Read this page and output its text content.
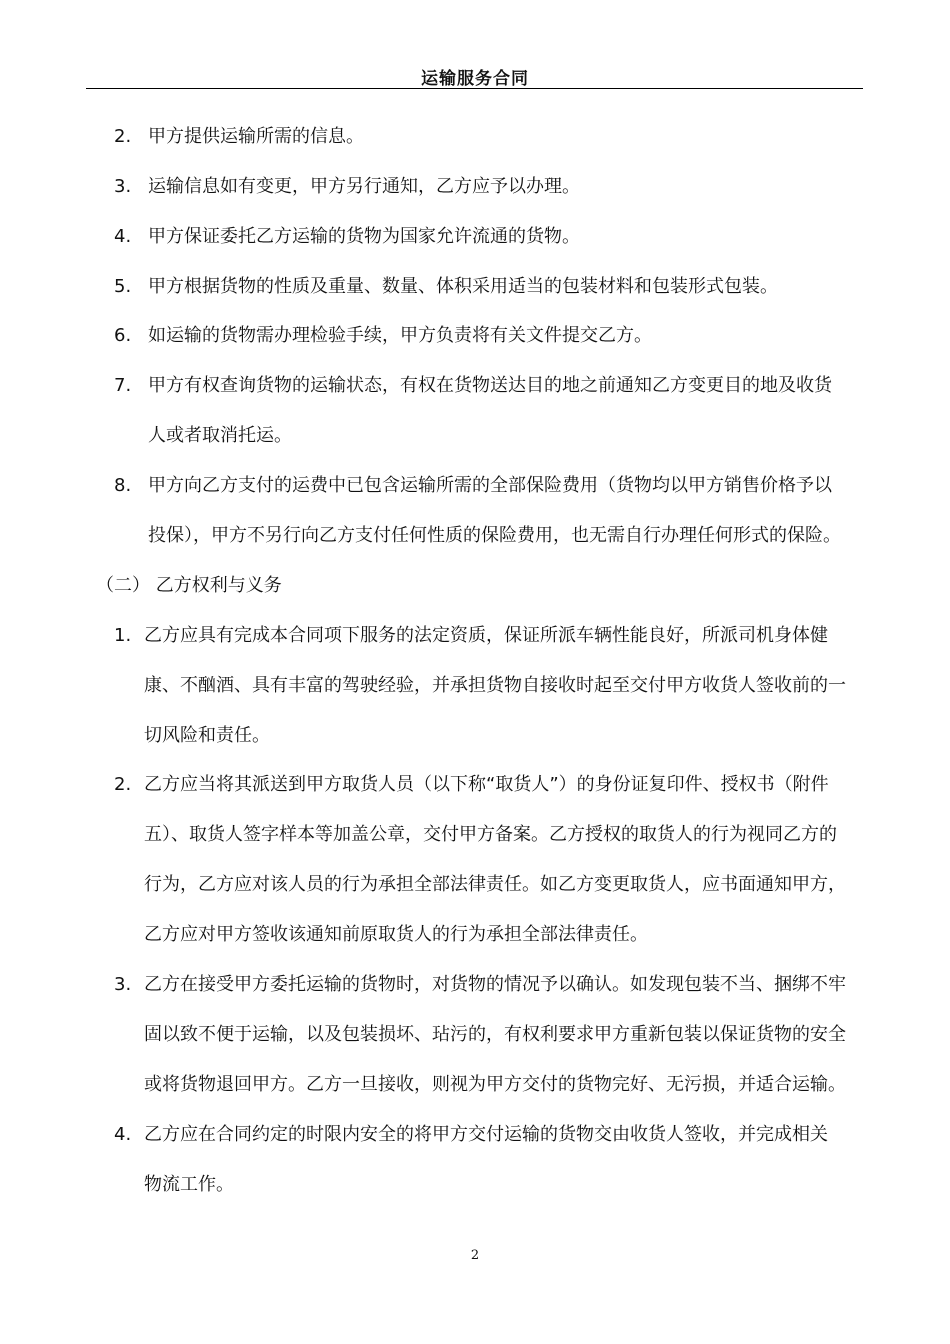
运输服务合同
2. 甲方提供运输所需的信息。
3. 运输信息如有变更，甲方另行通知，乙方应予以办理。
4. 甲方保证委托乙方运输的货物为国家允许流通的货物。
5. 甲方根据货物的性质及重量、数量、体积采用适当的包装材料和包装形式包装。
6. 如运输的货物需办理检验手续，甲方负责将有关文件提交乙方。
7. 甲方有权查询货物的运输状态，有权在货物送达目的地之前通知乙方变更目的地及收货
人或者取消托运。
8. 甲方向乙方支付的运费中已包含运输所需的全部保险费用（货物均以甲方销售价格予以
投保），甲方不另行向乙方支付任何性质的保险费用，也无需自行办理任何形式的保险。
（二） 乙方权利与义务
1. 乙方应具有完成本合同项下服务的法定资质，保证所派车辆性能良好，所派司机身体健
康、不酗酒、具有丰富的驾驶经验，并承担货物自接收时起至交付甲方收货人签收前的一
切风险和责任。
2. 乙方应当将其派送到甲方取货人员（以下称“取货人”）的身份证复印件、授权书（附件
五）、取货人签字样本等加盖公章，交付甲方备案。乙方授权的取货人的行为视同乙方的
行为，乙方应对该人员的行为承担全部法律责任。如乙方变更取货人，应书面通知甲方，
乙方应对甲方签收该通知前原取货人的行为承担全部法律责任。
3. 乙方在接受甲方委托运输的货物时，对货物的情况予以确认。如发现包装不当、捆绑不牢
固以致不便于运输，以及包装损坏、玷污的，有权利要求甲方重新包装以保证货物的安全
或将货物退回甲方。乙方一旦接收，则视为甲方交付的货物完好、无污损，并适合运输。
4. 乙方应在合同约定的时限内安全的将甲方交付运输的货物交由收货人签收，并完成相关
物流工作。
2
